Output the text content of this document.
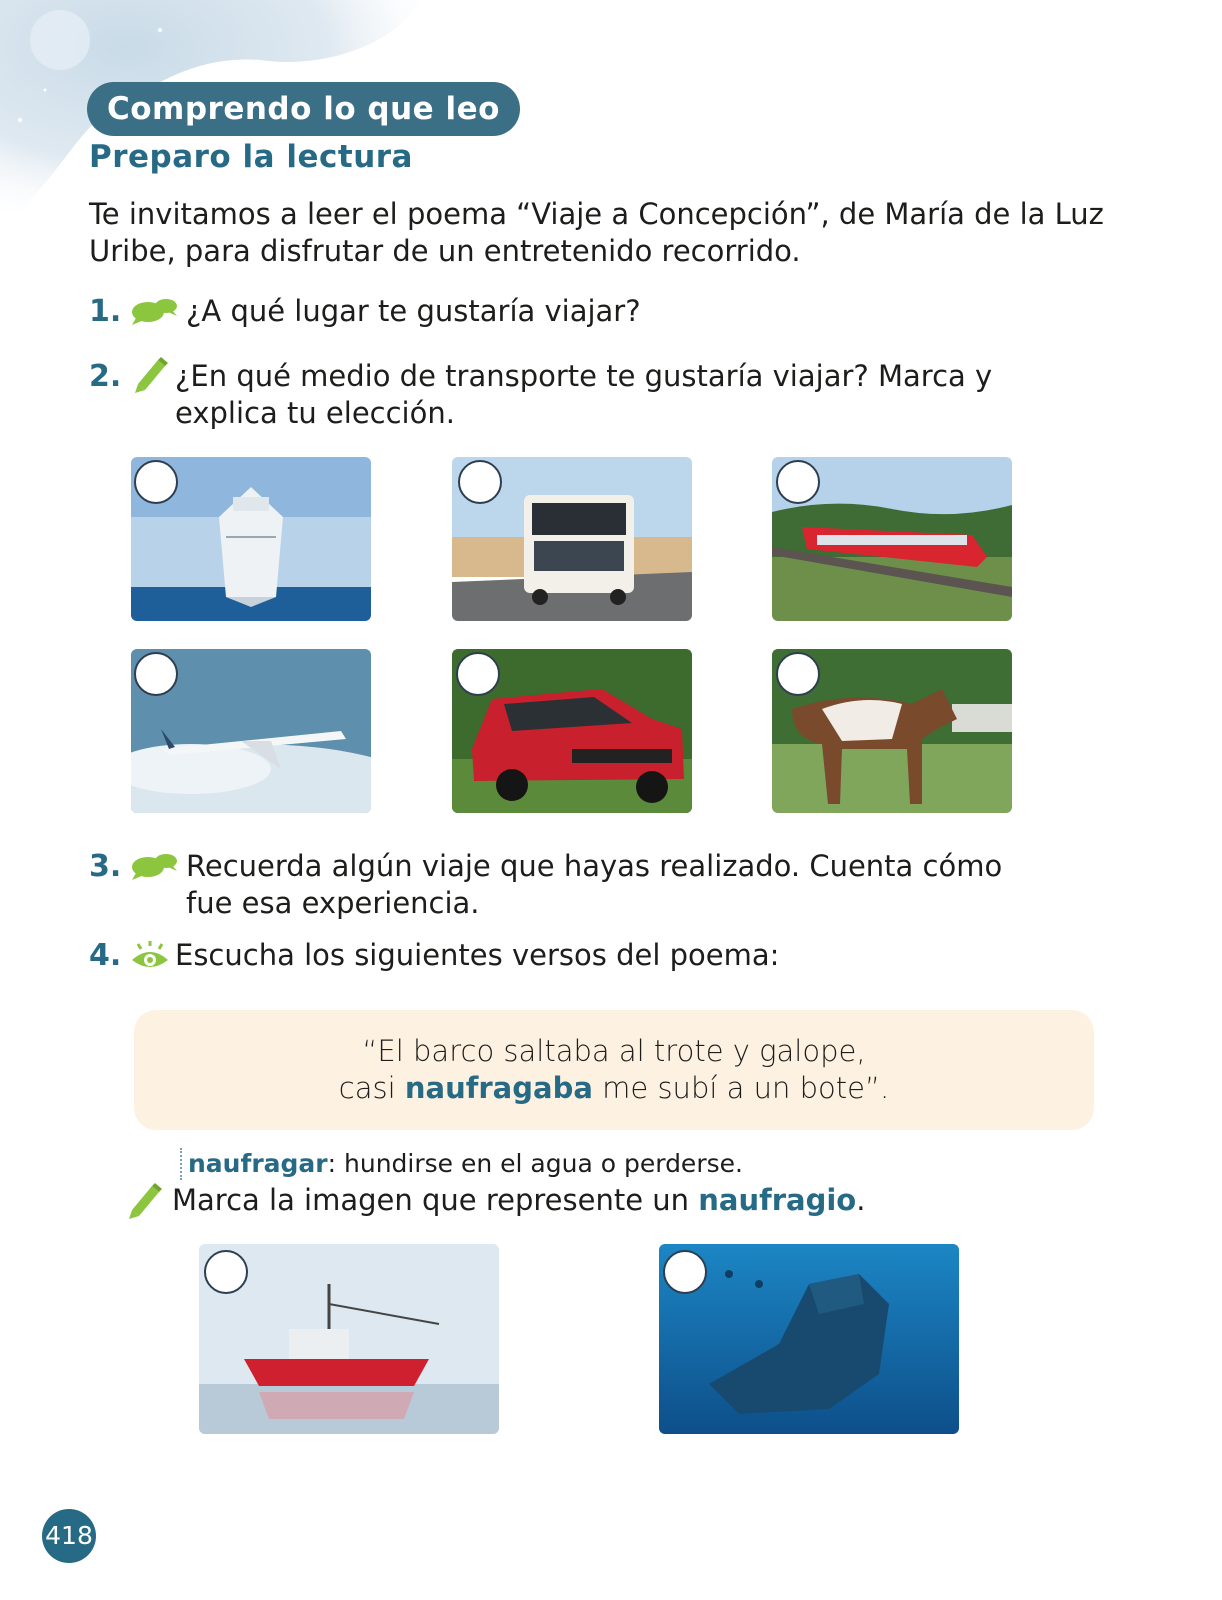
Comprendo lo que leo
Preparo la lectura
Te invitamos a leer el poema “Viaje a Concepción”, de María de la Luz Uribe, para disfrutar de un entretenido recorrido.
1. ¿A qué lugar te gustaría viajar?
2. ¿En qué medio de transporte te gustaría viajar? Marca y explica tu elección.
3. Recuerda algún viaje que hayas realizado. Cuenta cómo fue esa experiencia.
4. Escucha los siguientes versos del poema:
“El barco saltaba al trote y galope,
casi naufragaba me subí a un bote”.
naufragar: hundirse en el agua o perderse.
Marca la imagen que represente un naufragio.
418
